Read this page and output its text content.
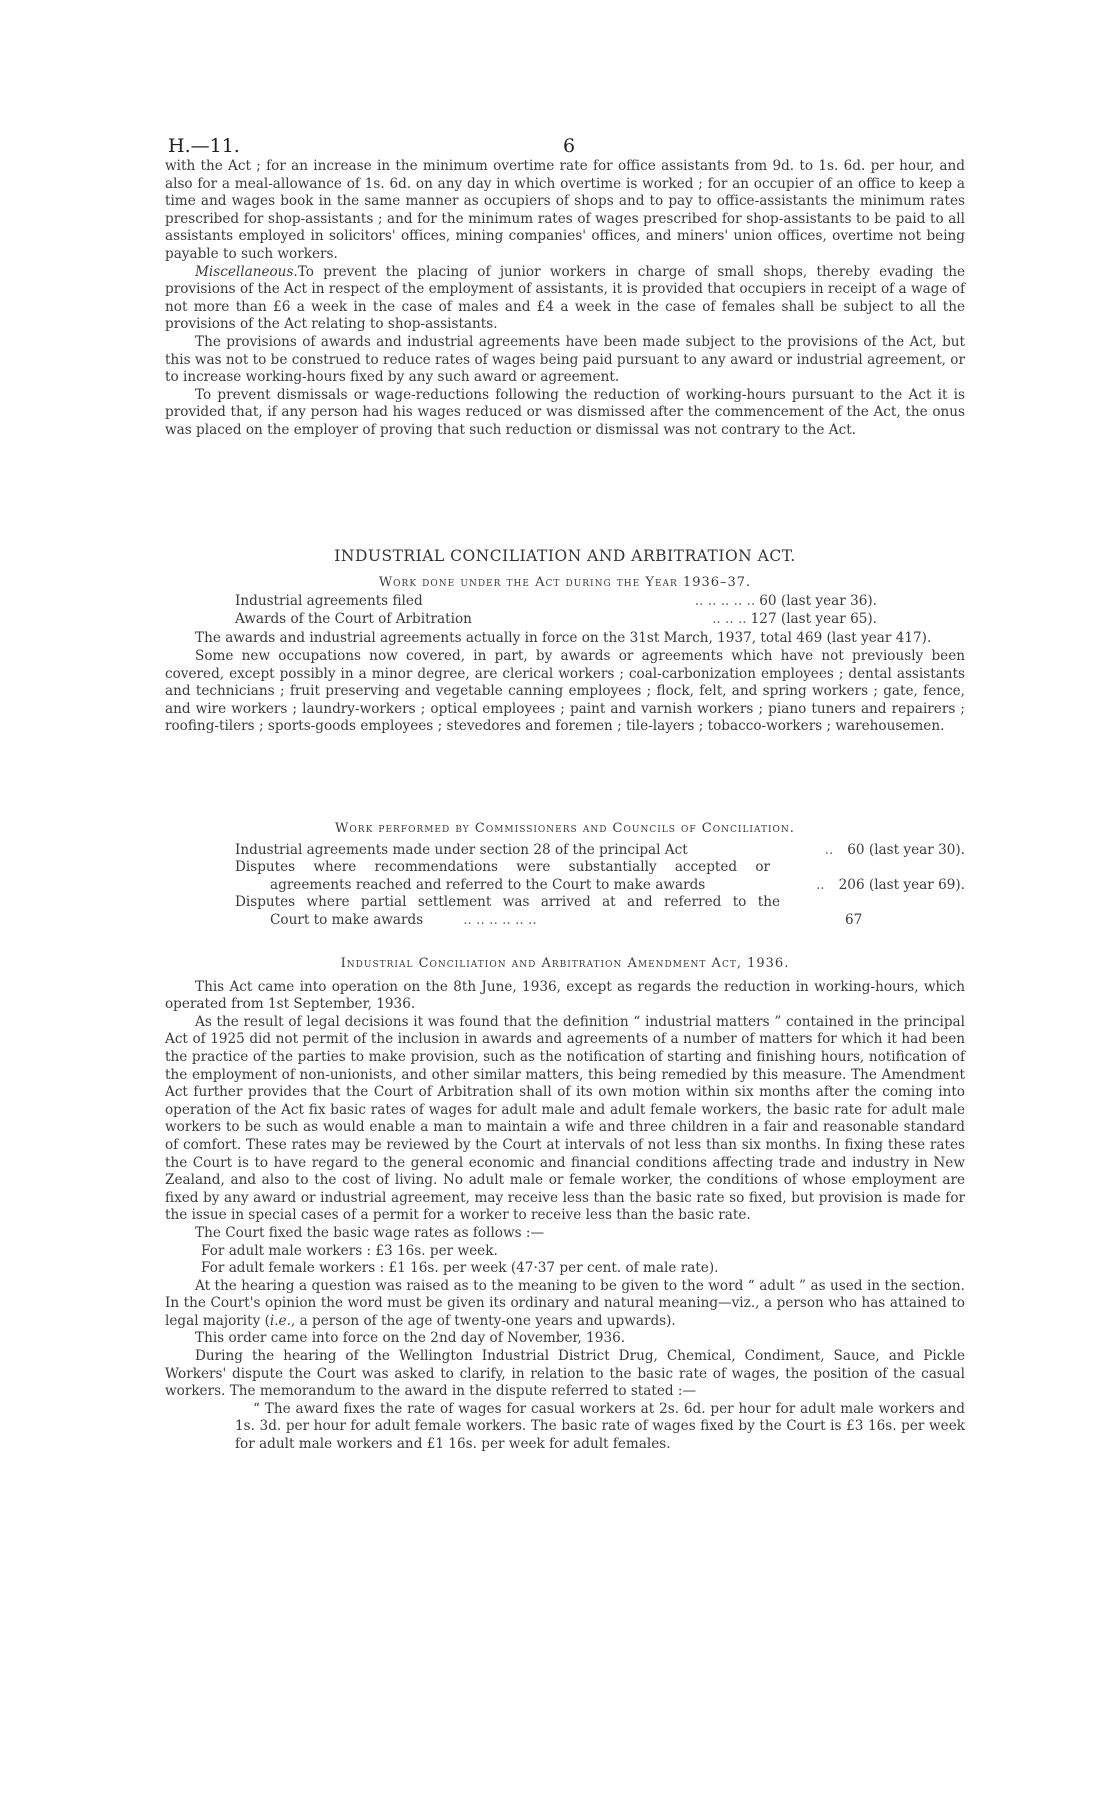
H.—11.	6

with the Act ; for an increase in the minimum overtime rate for office assistants from 9d. to 1s. 6d. per hour, and also for a meal-allowance of 1s. 6d. on any day in which overtime is worked ; for an occupier of an office to keep a time and wages book in the same manner as occupiers of shops and to pay to office-assistants the minimum rates prescribed for shop-assistants ; and for the minimum rates of wages prescribed for shop-assistants to be paid to all assistants employed in solicitors' offices, mining companies' offices, and miners' union offices, overtime not being payable to such workers.

Miscellaneous.To prevent the placing of junior workers in charge of small shops, thereby evading the provisions of the Act in respect of the employment of assistants, it is provided that occupiers in receipt of a wage of not more than £6 a week in the case of males and £4 a week in the case of females shall be subject to all the provisions of the Act relating to shop-assistants.

The provisions of awards and industrial agreements have been made subject to the provisions of the Act, but this was not to be construed to reduce rates of wages being paid pursuant to any award or industrial agreement, or to increase working-hours fixed by any such award or agreement.

To prevent dismissals or wage-reductions following the reduction of working-hours pursuant to the Act it is provided that, if any person had his wages reduced or was dismissed after the commencement of the Act, the onus was placed on the employer of proving that such reduction or dismissal was not contrary to the Act.

INDUSTRIAL CONCILIATION AND ARBITRATION ACT.
Work done under the Act during the Year 1936–37.
Industrial agreements filed	.. .. .. .. .. 60 (last year 36).
Awards of the Court of Arbitration	.. .. .. 127 (last year 65).

The awards and industrial agreements actually in force on the 31st March, 1937, total 469 (last year 417).

Some new occupations now covered, in part, by awards or agreements which have not previously been covered, except possibly in a minor degree, are clerical workers ; coal-carbonization employees ; dental assistants and technicians ; fruit preserving and vegetable canning employees ; flock, felt, and spring workers ; gate, fence, and wire workers ; laundry-workers ; optical employees ; paint and varnish workers ; piano tuners and repairers ; roofing-tilers ; sports-goods employees ; stevedores and foremen ; tile-layers ; tobacco-workers ; warehousemen.

Work performed by Commissioners and Councils of Conciliation.
Industrial agreements made under section 28 of the principal Act	..	60 (last year 30).
Disputes where recommendations were substantially accepted or
agreements reached and referred to the Court to make awards	..	206 (last year 69).
Disputes where partial settlement was arrived at and referred to the
Court to make awards	.. .. .. .. .. ..	67
Industrial Conciliation and Arbitration Amendment Act, 1936.

This Act came into operation on the 8th June, 1936, except as regards the reduction in working-hours, which operated from 1st September, 1936.

As the result of legal decisions it was found that the definition “ industrial matters ” contained in the principal Act of 1925 did not permit of the inclusion in awards and agreements of a number of matters for which it had been the practice of the parties to make provision, such as the notification of starting and finishing hours, notification of the employment of non-unionists, and other similar matters, this being remedied by this measure. The Amendment Act further provides that the Court of Arbitration shall of its own motion within six months after the coming into operation of the Act fix basic rates of wages for adult male and adult female workers, the basic rate for adult male workers to be such as would enable a man to maintain a wife and three children in a fair and reasonable standard of comfort. These rates may be reviewed by the Court at intervals of not less than six months. In fixing these rates the Court is to have regard to the general economic and financial conditions affecting trade and industry in New Zealand, and also to the cost of living. No adult male or female worker, the conditions of whose employment are fixed by any award or industrial agreement, may receive less than the basic rate so fixed, but provision is made for the issue in special cases of a permit for a worker to receive less than the basic rate.

The Court fixed the basic wage rates as follows :—

For adult male workers : £3 16s. per week.
For adult female workers : £1 16s. per week (47·37 per cent. of male rate).

At the hearing a question was raised as to the meaning to be given to the word “ adult ” as used in the section. In the Court's opinion the word must be given its ordinary and natural meaning—viz., a person who has attained to legal majority (i.e., a person of the age of twenty-one years and upwards).

This order came into force on the 2nd day of November, 1936.

During the hearing of the Wellington Industrial District Drug, Chemical, Condiment, Sauce, and Pickle Workers' dispute the Court was asked to clarify, in relation to the basic rate of wages, the position of the casual workers. The memorandum to the award in the dispute referred to stated :—

“ The award fixes the rate of wages for casual workers at 2s. 6d. per hour for adult male workers and 1s. 3d. per hour for adult female workers. The basic rate of wages fixed by the Court is £3 16s. per week for adult male workers and £1 16s. per week for adult females.
